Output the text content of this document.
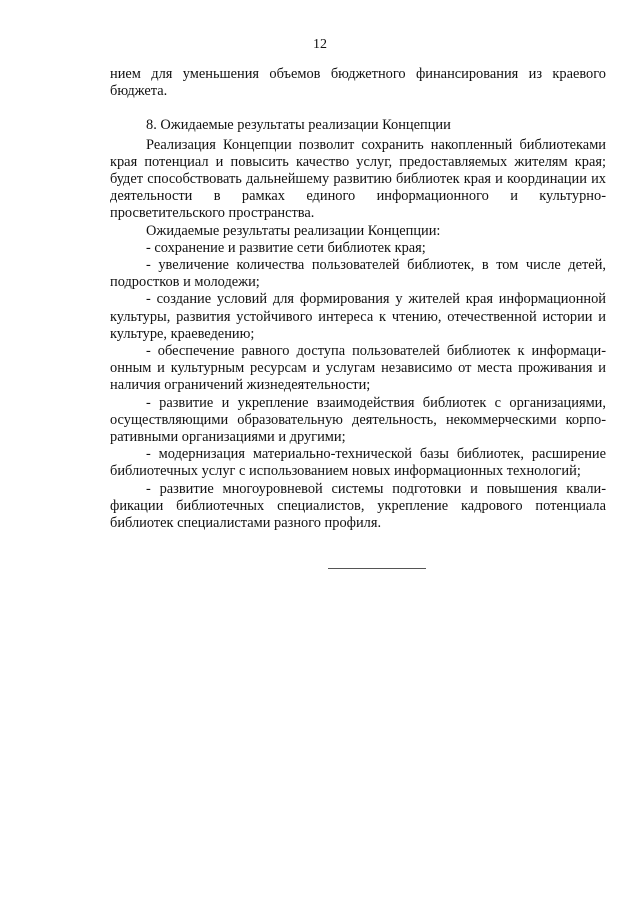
12

нием для уменьшения объемов бюджетного финансирования из краевого бюджета.

8. Ожидаемые результаты реализации Концепции

Реализация Концепции позволит сохранить накопленный библиотеками края потенциал и повысить качество услуг, предоставляемых жителям края; будет способствовать дальнейшему развитию библиотек края и координации их деятельности в рамках единого информационного и культурно-просветительского пространства.

Ожидаемые результаты реализации Концепции:

- сохранение и развитие сети библиотек края;

- увеличение количества пользователей библиотек, в том числе детей, подростков и молодежи;

- создание условий для формирования у жителей края информационной культуры, развития устойчивого интереса к чтению, отечественной истории и культуре, краеведению;

- обеспечение равного доступа пользователей библиотек к информационным и культурным ресурсам и услугам независимо от места проживания и наличия ограничений жизнедеятельности;

- развитие и укрепление взаимодействия библиотек с организациями, осуществляющими образовательную деятельность, некоммерческими корпоративными организациями и другими;

- модернизация материально-технической базы библиотек, расширение библиотечных услуг с использованием новых информационных технологий;

- развитие многоуровневой системы подготовки и повышения квалификации библиотечных специалистов, укрепление кадрового потенциала библиотек специалистами разного профиля.
